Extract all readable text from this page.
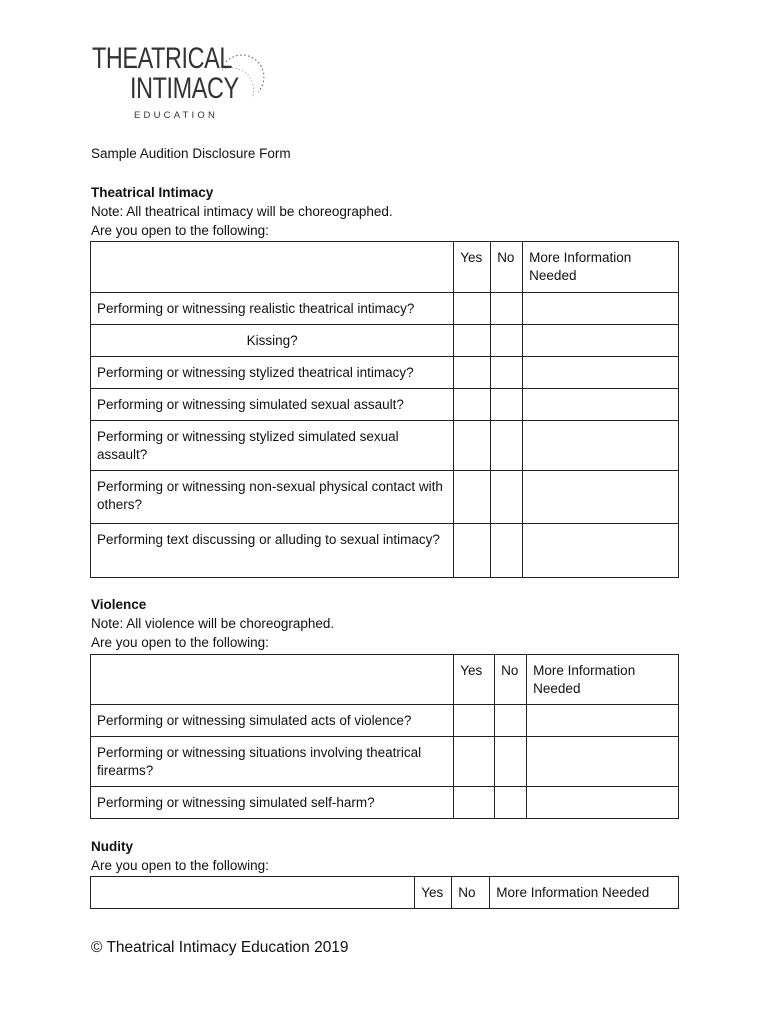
THEATRICAL
INTIMACY
EDUCATION
Sample Audition Disclosure Form
Theatrical Intimacy
Note: All theatrical intimacy will be choreographed.
Are you open to the following:
	Yes	No	More Information Needed
Performing or witnessing realistic theatrical intimacy?			
Kissing?			
Performing or witnessing stylized theatrical intimacy?			
Performing or witnessing simulated sexual assault?			
Performing or witnessing stylized simulated sexual assault?			
Performing or witnessing non-sexual physical contact with others?			
Performing text discussing or alluding to sexual intimacy?			
Violence
Note: All violence will be choreographed.
Are you open to the following:
	Yes	No	More Information Needed
Performing or witnessing simulated acts of violence?			
Performing or witnessing situations involving theatrical firearms?			
Performing or witnessing simulated self-harm?			
Nudity
Are you open to the following:
	Yes	No	More Information Needed
© Theatrical Intimacy Education 2019
